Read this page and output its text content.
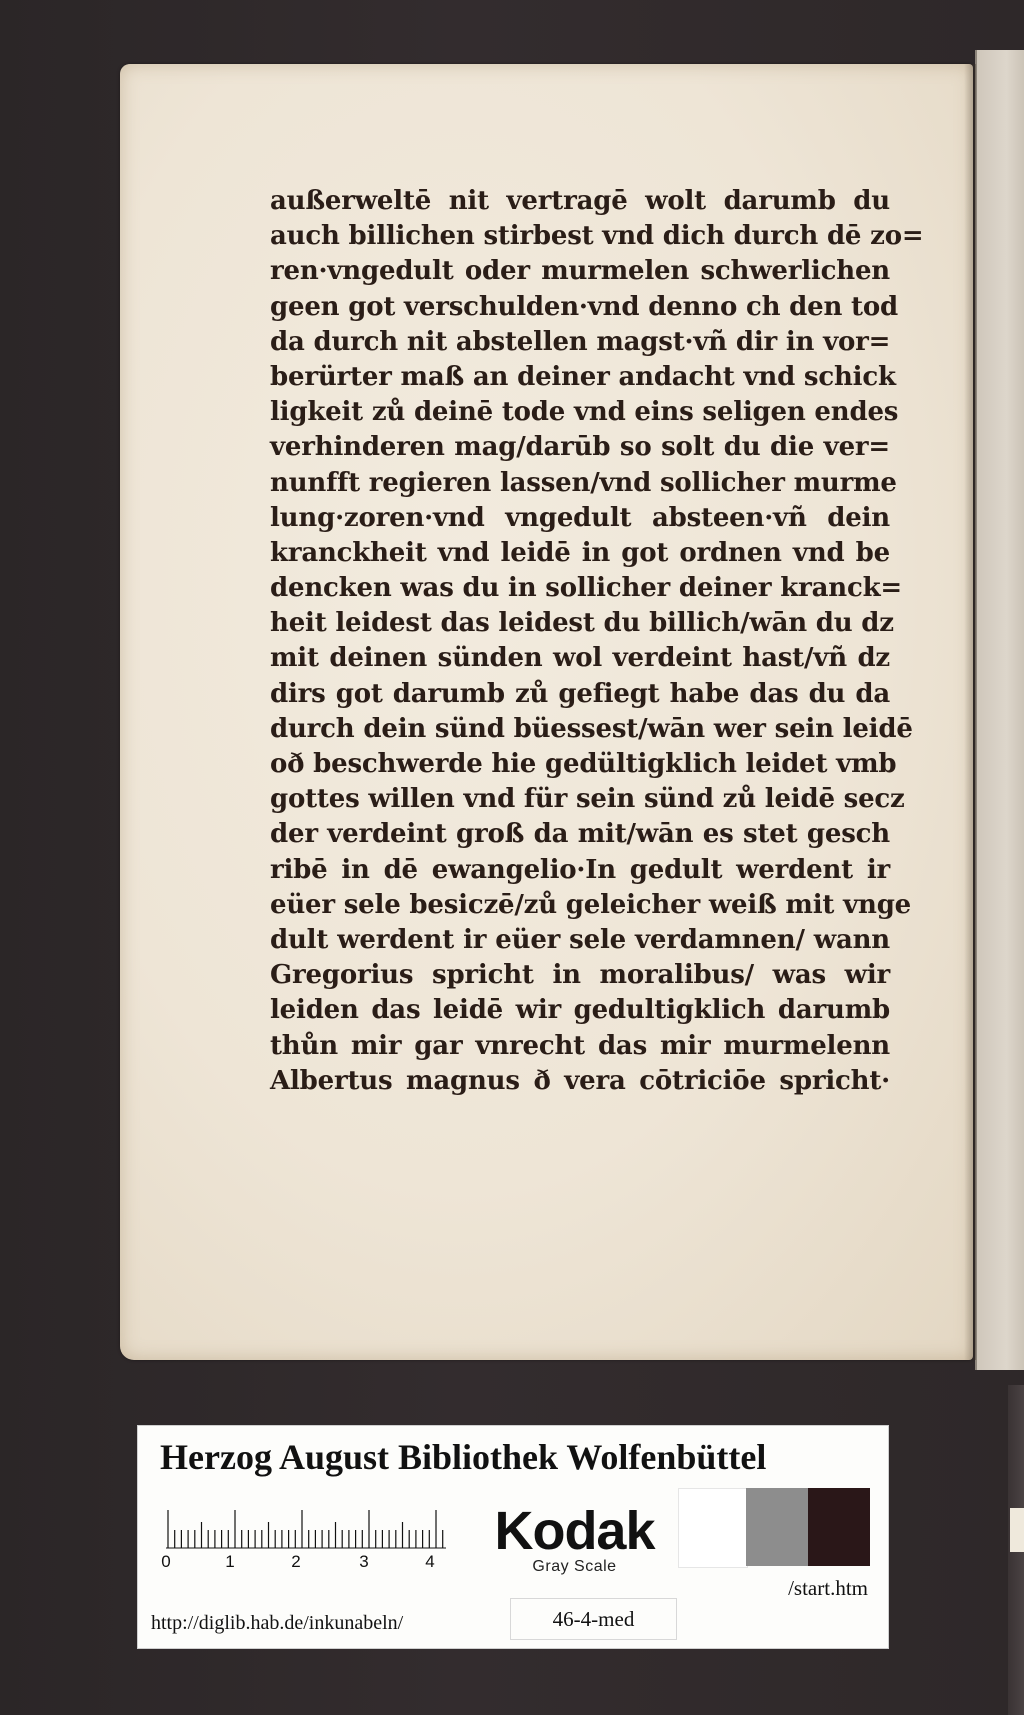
außerweltē nit vertragē wolt darumb du
auch billichen stirbest vnd dich durch dē zo=
ren·vngedult oder murmelen schwerlichen
geen got verschulden·vnd denno ch den tod
da durch nit abstellen magst·vñ dir in vor=
berürter maß an deiner andacht vnd schick
ligkeit zů deinē tode vnd eins seligen endes
verhinderen mag/darūb so solt du die ver=
nunfft regieren lassen/vnd sollicher murme
lung·zoren·vnd vngedult absteen·vñ dein
kranckheit vnd leidē in got ordnen vnd be
dencken was du in sollicher deiner kranck=
heit leidest das leidest du billich/wān du dz
mit deinen sünden wol verdeint hast/vñ dz
dirs got darumb zů gefiegt habe das du da
durch dein sünd büessest/wān wer sein leidē
oð beschwerde hie gedültigklich leidet vmb
gottes willen vnd für sein sünd zů leidē secz
der verdeint groß da mit/wān es stet gesch
ribē in dē ewangelio·In gedult werdent ir
eüer sele besiczē/zů geleicher weiß mit vnge
dult werdent ir eüer sele verdamnen/ wann
Gregorius spricht in moralibus/ was wir
leiden das leidē wir gedultigklich darumb
thůn mir gar vnrecht das mir murmelenn
Albertus magnus ð vera cōtriciōe spricht·
Herzog August Bibliothek Wolfenbüttel
0	1	2	3	4
Kodak
Gray Scale
http://diglib.hab.de/inkunabeln/	46-4-med
/start.htm
